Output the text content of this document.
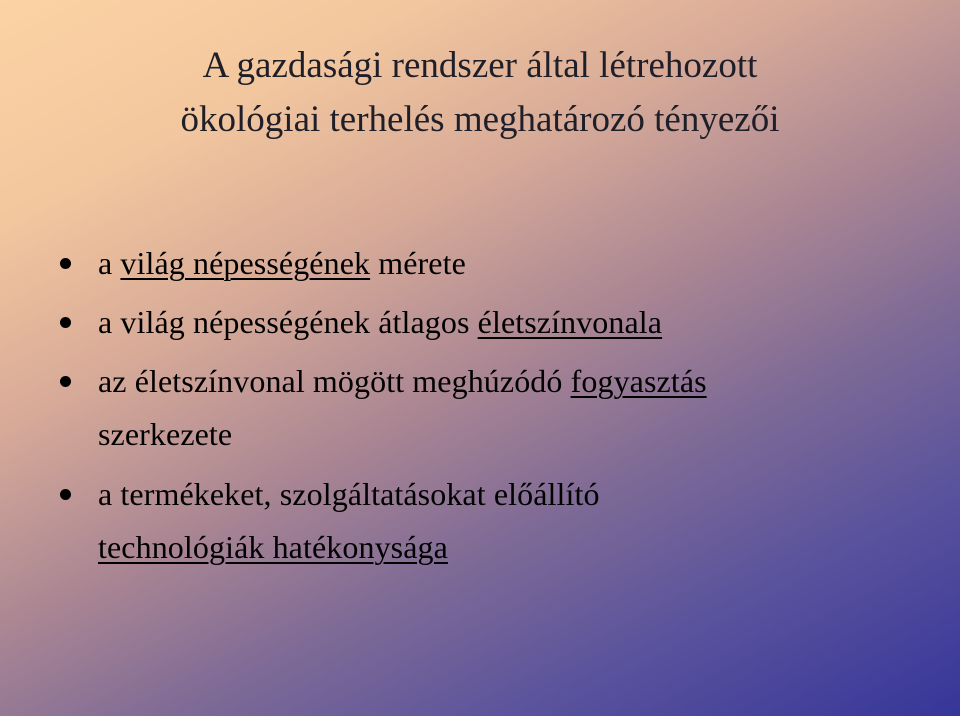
A gazdasági rendszer által létrehozott
ökológiai terhelés meghatározó tényezői
a világ népességének mérete
a világ népességének átlagos életszínvonala
az életszínvonal mögött meghúzódó fogyasztás
szerkezete
a termékeket, szolgáltatásokat előállító
technológiák hatékonysága
